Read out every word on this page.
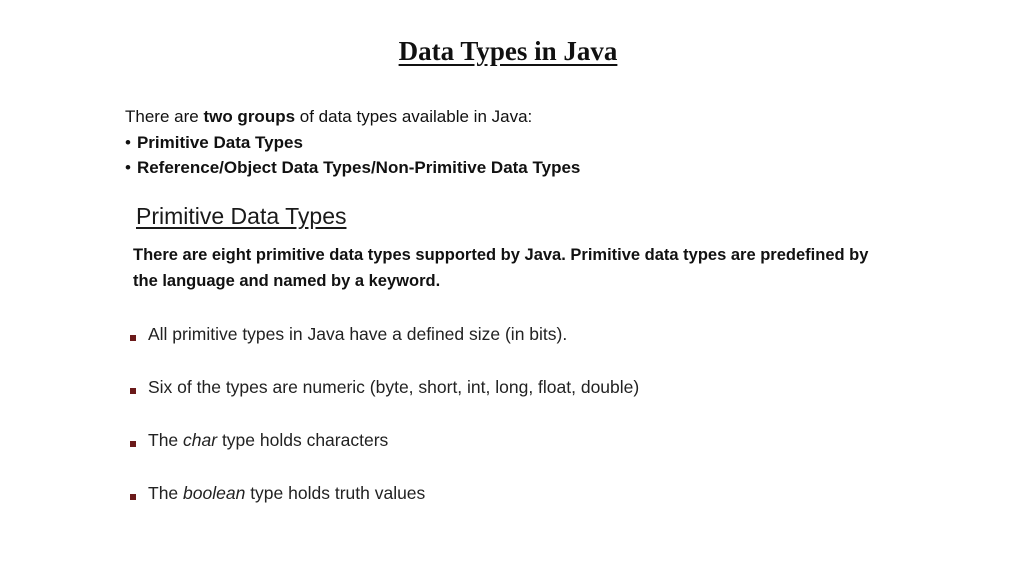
Data Types in Java
There are two groups of data types available in Java:
• Primitive Data Types
• Reference/Object Data Types/Non-Primitive Data Types
Primitive Data Types
There are eight primitive data types supported by Java. Primitive data types are predefined by the language and named by a keyword.
All primitive types in Java have a defined size (in bits).
Six of the types are numeric (byte, short, int, long, float, double)
The char type holds characters
The boolean type holds truth values
